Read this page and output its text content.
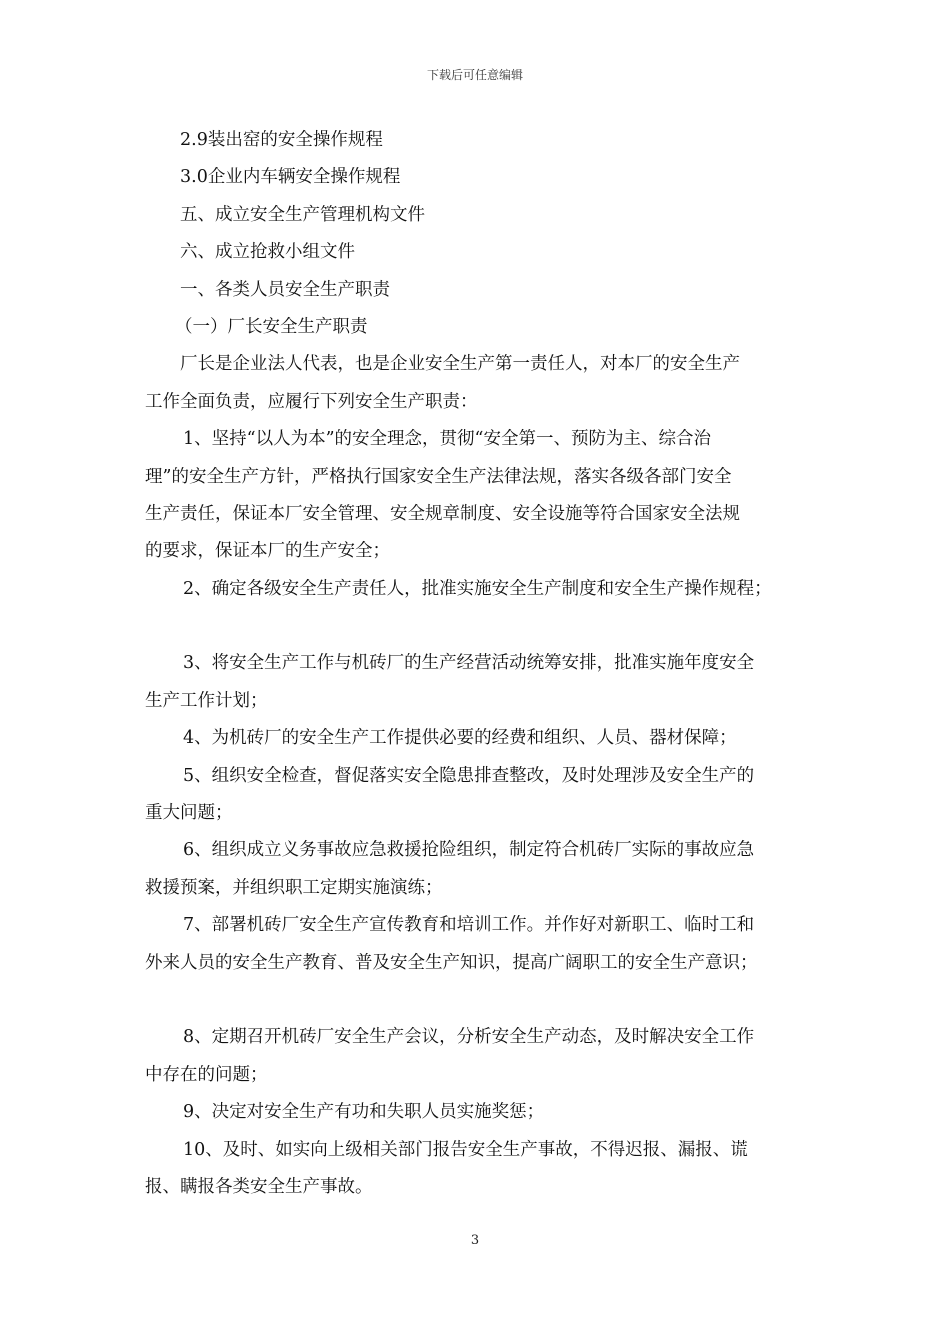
下载后可任意编辑
2.9装出窑的安全操作规程
3.0企业内车辆安全操作规程
五、成立安全生产管理机构文件
六、成立抢救小组文件
一、各类人员安全生产职责
（一）厂长安全生产职责
厂长是企业法人代表，也是企业安全生产第一责任人，对本厂的安全生产
工作全面负责，应履行下列安全生产职责：
1、坚持“以人为本”的安全理念，贯彻“安全第一、预防为主、综合治
理”的安全生产方针，严格执行国家安全生产法律法规，落实各级各部门安全
生产责任，保证本厂安全管理、安全规章制度、安全设施等符合国家安全法规
的要求，保证本厂的生产安全；
2、确定各级安全生产责任人，批准实施安全生产制度和安全生产操作规程；
3、将安全生产工作与机砖厂的生产经营活动统筹安排，批准实施年度安全
生产工作计划；
4、为机砖厂的安全生产工作提供必要的经费和组织、人员、器材保障；
5、组织安全检查，督促落实安全隐患排查整改，及时处理涉及安全生产的
重大问题；
6、组织成立义务事故应急救援抢险组织，制定符合机砖厂实际的事故应急
救援预案，并组织职工定期实施演练；
7、部署机砖厂安全生产宣传教育和培训工作。并作好对新职工、临时工和
外来人员的安全生产教育、普及安全生产知识，提高广阔职工的安全生产意识；
8、定期召开机砖厂安全生产会议，分析安全生产动态，及时解决安全工作
中存在的问题；
9、决定对安全生产有功和失职人员实施奖惩；
10、及时、如实向上级相关部门报告安全生产事故，不得迟报、漏报、谎
报、瞒报各类安全生产事故。
3
